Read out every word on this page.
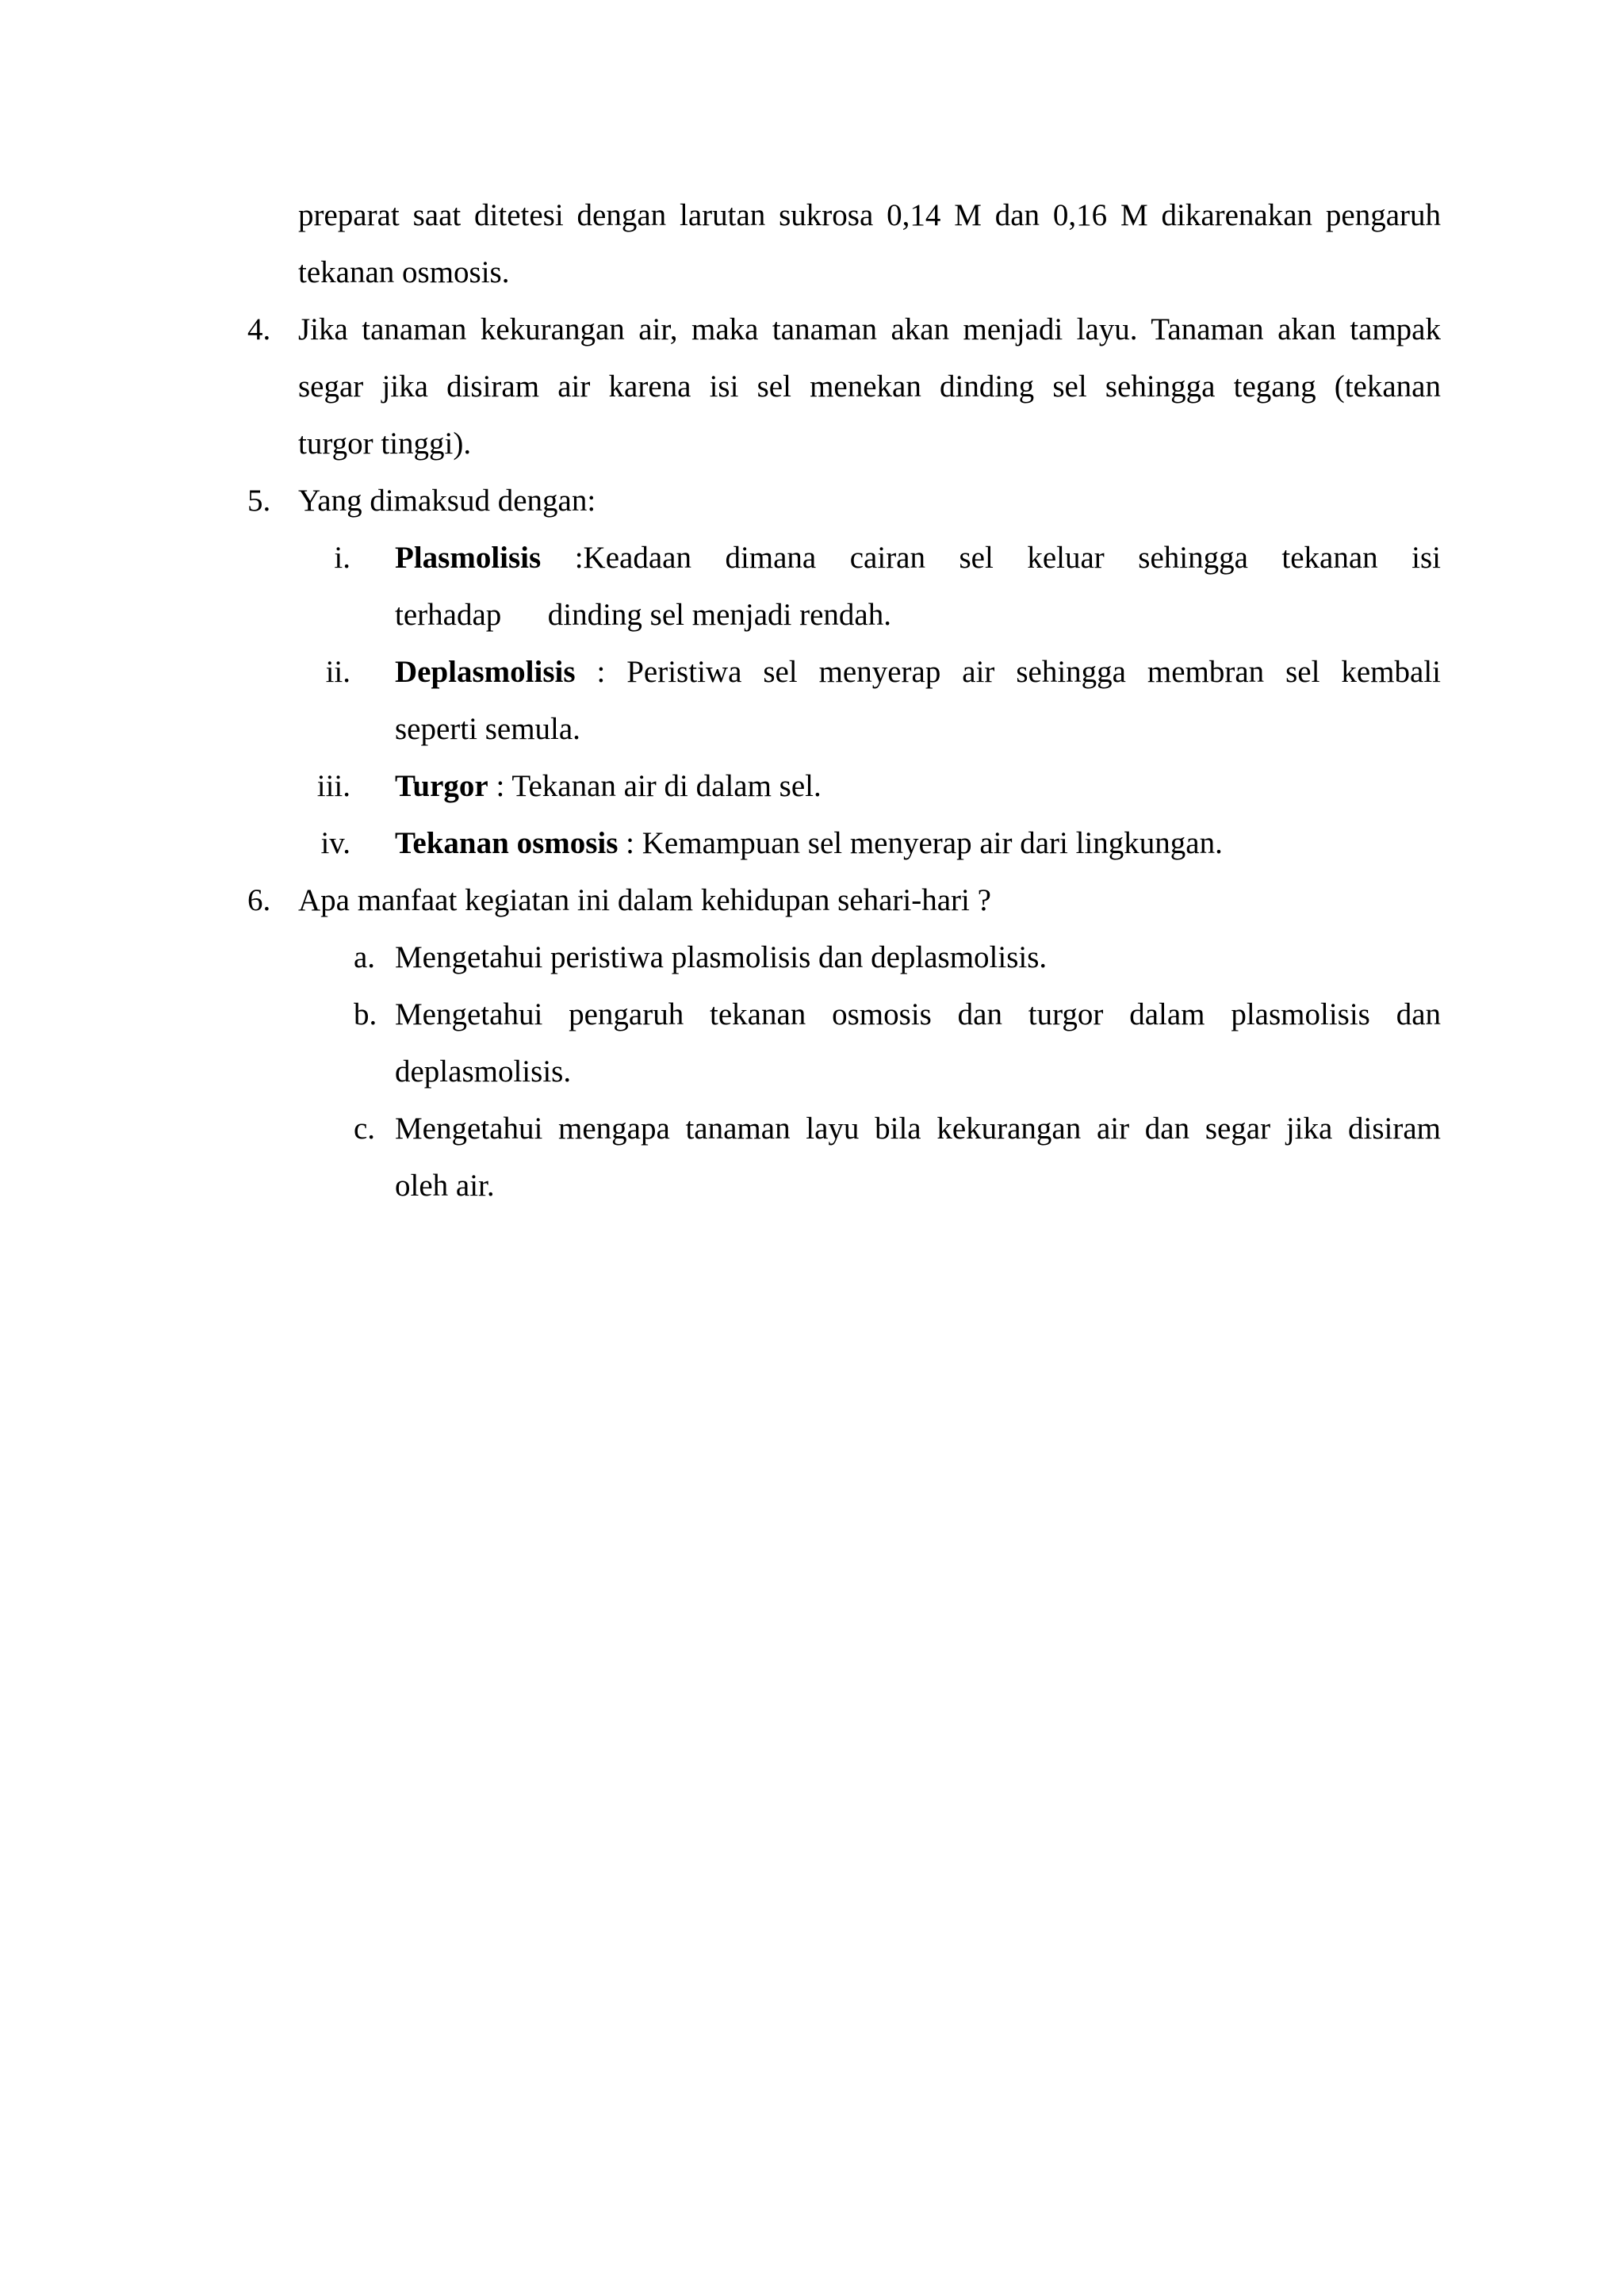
preparat saat ditetesi dengan larutan sukrosa 0,14 M dan 0,16 M dikarenakan pengaruh
tekanan osmosis.
4. Jika tanaman kekurangan air, maka tanaman akan menjadi layu. Tanaman akan tampak
segar jika disiram air karena isi sel menekan dinding sel sehingga tegang (tekanan
turgor tinggi).
5. Yang dimaksud dengan:
i. Plasmolisis :Keadaan dimana cairan sel keluar sehingga tekanan isi
terhadap      dinding sel menjadi rendah.
ii. Deplasmolisis : Peristiwa sel menyerap air sehingga membran sel kembali
seperti semula.
iii. Turgor : Tekanan air di dalam sel.
iv. Tekanan osmosis : Kemampuan sel menyerap air dari lingkungan.
6. Apa manfaat kegiatan ini dalam kehidupan sehari-hari ?
a. Mengetahui peristiwa plasmolisis dan deplasmolisis.
b. Mengetahui pengaruh tekanan osmosis dan turgor dalam plasmolisis dan
deplasmolisis.
c. Mengetahui mengapa tanaman layu bila kekurangan air dan segar jika disiram
oleh air.
